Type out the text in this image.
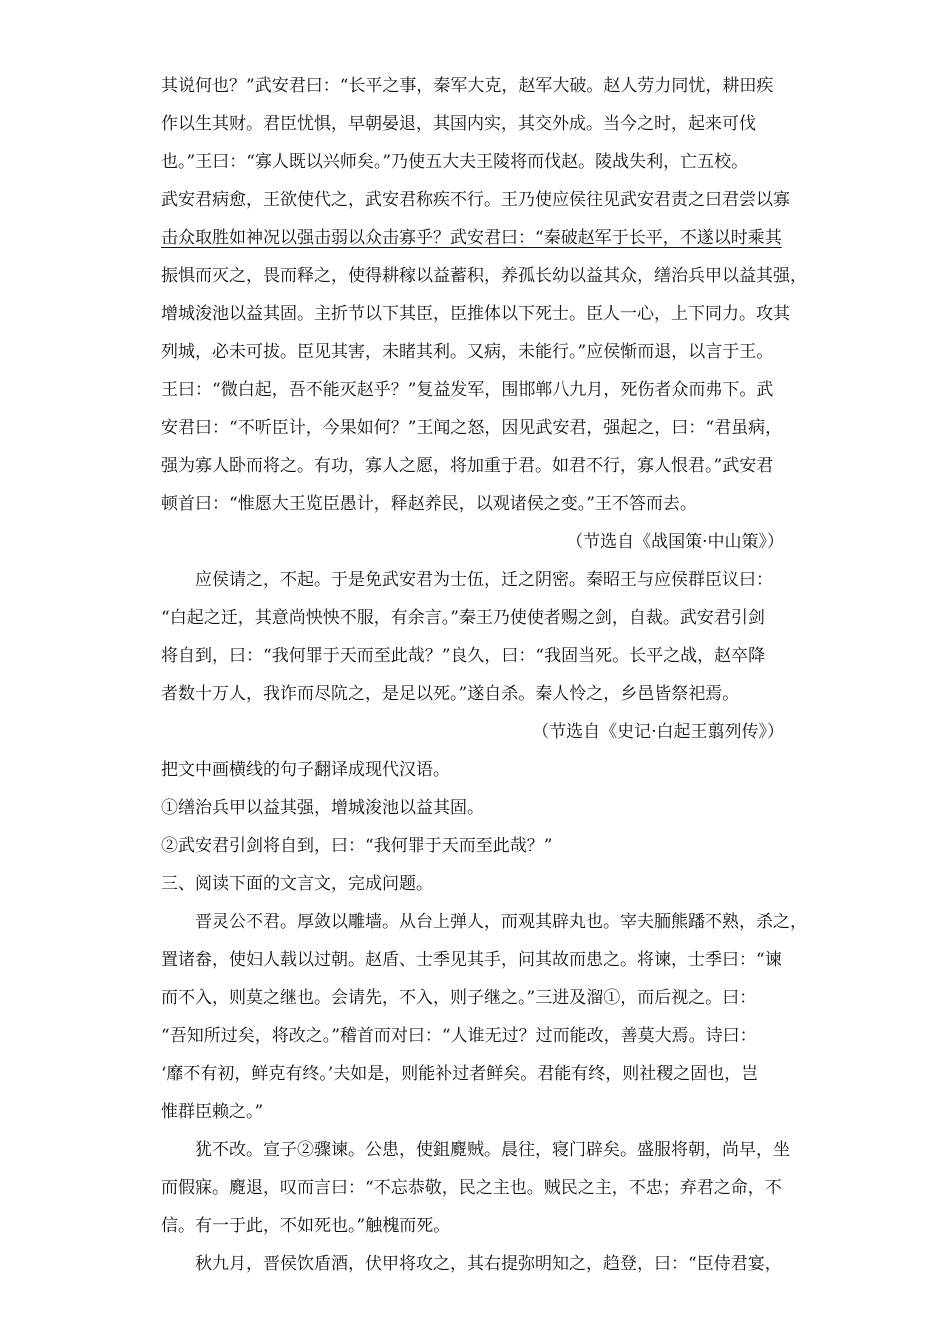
其说何也？”武安君曰：“长平之事，秦军大克，赵军大破。赵人劳力同忧，耕田疾
作以生其财。君臣忧惧，早朝晏退，其国内实，其交外成。当今之时，起来可伐
也。”王曰：“寡人既以兴师矣。”乃使五大夫王陵将而伐赵。陵战失利，亡五校。
武安君病愈，王欲使代之，武安君称疾不行。王乃使应侯往见武安君责之曰君尝以寡
击众取胜如神况以强击弱以众击寡乎？武安君曰：“秦破赵军于长平，不遂以时乘其
振惧而灭之，畏而释之，使得耕稼以益蓄积，养孤长幼以益其众，缮治兵甲以益其强，
增城浚池以益其固。主折节以下其臣，臣推体以下死士。臣人一心，上下同力。攻其
列城，必未可拔。臣见其害，未睹其利。又病，未能行。”应侯惭而退，以言于王。
王曰：“微白起，吾不能灭赵乎？”复益发军，围邯郸八九月，死伤者众而弗下。武
安君曰：“不听臣计，今果如何？”王闻之怒，因见武安君，强起之，曰：“君虽病，
强为寡人卧而将之。有功，寡人之愿，将加重于君。如君不行，寡人恨君。”武安君
顿首曰：“惟愿大王览臣愚计，释赵养民，以观诸侯之变。”王不答而去。
（节选自《战国策·中山策》）
应侯请之，不起。于是免武安君为士伍，迁之阴密。秦昭王与应侯群臣议曰：
“白起之迁，其意尚怏怏不服，有余言。”秦王乃使使者赐之剑，自裁。武安君引剑
将自到，曰：“我何罪于天而至此哉？”良久，曰：“我固当死。长平之战，赵卒降
者数十万人，我诈而尽阬之，是足以死。”遂自杀。秦人怜之，乡邑皆祭祀焉。
（节选自《史记·白起王翦列传》）
把文中画横线的句子翻译成现代汉语。
①缮治兵甲以益其强，增城浚池以益其固。
②武安君引剑将自到，曰：“我何罪于天而至此哉？”
三、阅读下面的文言文，完成问题。
晋灵公不君。厚敛以雕墙。从台上弹人，而观其辟丸也。宰夫胹熊蹯不熟，杀之，
置诸畚，使妇人载以过朝。赵盾、士季见其手，问其故而患之。将谏，士季曰：“谏
而不入，则莫之继也。会请先，不入，则子继之。”三进及溜①，而后视之。曰：
“吾知所过矣，将改之。”稽首而对曰：“人谁无过？过而能改，善莫大焉。诗曰：
‘靡不有初，鲜克有终。’夫如是，则能补过者鲜矣。君能有终，则社稷之固也，岂
惟群臣赖之。”
犹不改。宣子②骤谏。公患，使鉏麑贼。晨往，寝门辟矣。盛服将朝，尚早，坐
而假寐。麑退，叹而言曰：“不忘恭敬，民之主也。贼民之主，不忠；弃君之命，不
信。有一于此，不如死也。”触槐而死。
秋九月，晋侯饮盾酒，伏甲将攻之，其右提弥明知之，趋登，曰：“臣侍君宴，
